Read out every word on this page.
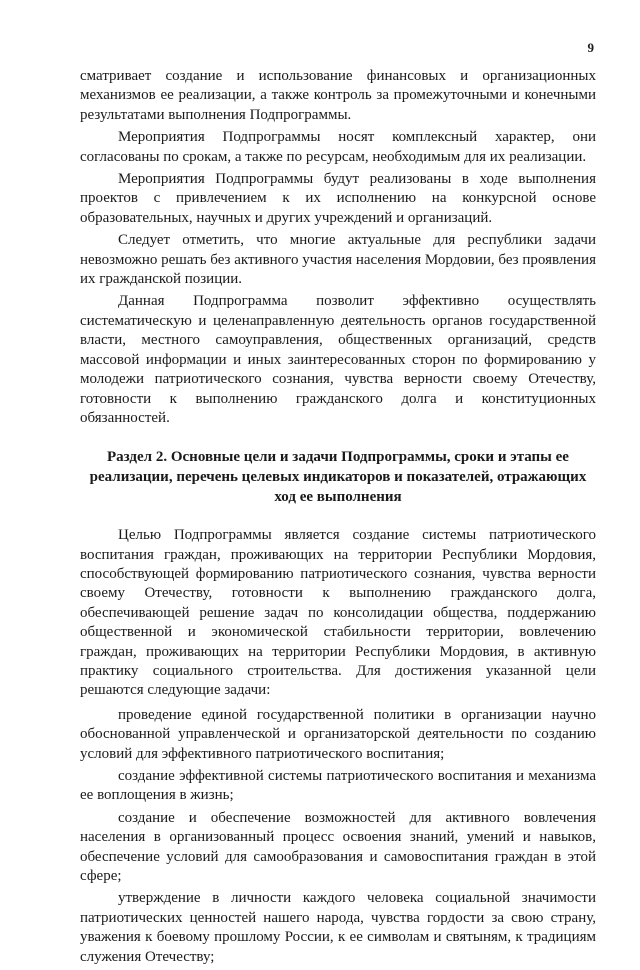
9

сматривает создание и использование финансовых и организационных механизмов ее реализации, а также контроль за промежуточными и конечными результатами выполнения Подпрограммы.

Мероприятия Подпрограммы носят комплексный характер, они согласованы по срокам, а также по ресурсам, необходимым для их реализации.

Мероприятия Подпрограммы будут реализованы в ходе выполнения проектов с привлечением к их исполнению на конкурсной основе образовательных, научных и других учреждений и организаций.

Следует отметить, что многие актуальные для республики задачи невозможно решать без активного участия населения Мордовии, без проявления их гражданской позиции.

Данная Подпрограмма позволит эффективно осуществлять систематическую и целенаправленную деятельность органов государственной власти, местного самоуправления, общественных организаций, средств массовой информации и иных заинтересованных сторон по формированию у молодежи патриотического сознания, чувства верности своему Отечеству, готовности к выполнению гражданского долга и конституционных обязанностей.

Раздел 2. Основные цели и задачи Подпрограммы, сроки и этапы ее реализации, перечень целевых индикаторов и показателей, отражающих ход ее выполнения

Целью Подпрограммы является создание системы патриотического воспитания граждан, проживающих на территории Республики Мордовия, способствующей формированию патриотического сознания, чувства верности своему Отечеству, готовности к выполнению гражданского долга, обеспечивающей решение задач по консолидации общества, поддержанию общественной и экономической стабильности территории, вовлечению граждан, проживающих на территории Республики Мордовия, в активную практику социального строительства. Для достижения указанной цели решаются следующие задачи:

проведение единой государственной политики в организации научно обоснованной управленческой и организаторской деятельности по созданию условий для эффективного патриотического воспитания;

создание эффективной системы патриотического воспитания и механизма ее воплощения в жизнь;

создание и обеспечение возможностей для активного вовлечения населения в организованный процесс освоения знаний, умений и навыков, обеспечение условий для самообразования и самовоспитания граждан в этой сфере;

утверждение в личности каждого человека социальной значимости патриотических ценностей нашего народа, чувства гордости за свою страну, уважения к боевому прошлому России, к ее символам и святыням, к традициям служения Отечеству;
